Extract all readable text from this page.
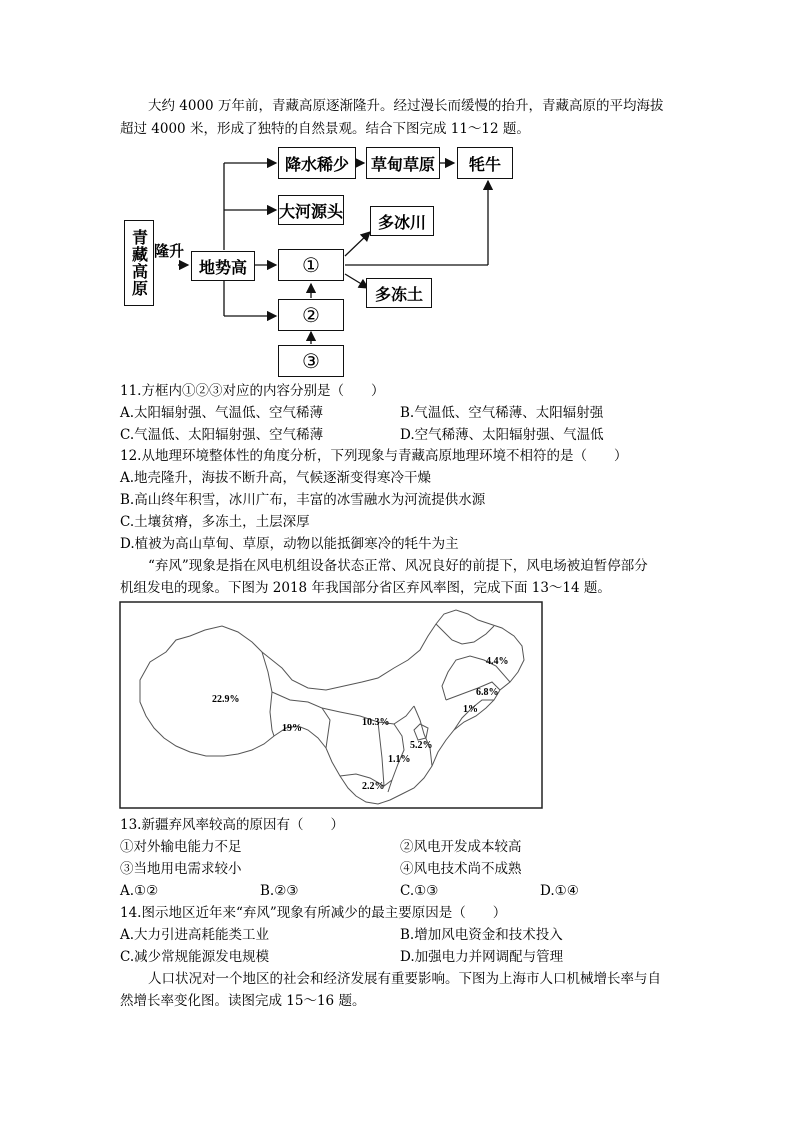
大约 4000 万年前，青藏高原逐渐隆升。经过漫长而缓慢的抬升，青藏高原的平均海拔
超过 4000 米，形成了独特的自然景观。结合下图完成 11～12 题。
隆升
青藏高原	地势高
降水稀少	草甸草原	牦牛
大河源头
多冰川
①
②
③
多冻土
11.方框内①②③对应的内容分别是（　　）
A.太阳辐射强、气温低、空气稀薄	B.气温低、空气稀薄、太阳辐射强
C.气温低、太阳辐射强、空气稀薄	D.空气稀薄、太阳辐射强、气温低
12.从地理环境整体性的角度分析，下列现象与青藏高原地理环境不相符的是（　　）
A.地壳隆升，海拔不断升高，气候逐渐变得寒冷干燥
B.高山终年积雪，冰川广布，丰富的冰雪融水为河流提供水源
C.土壤贫瘠，多冻土，土层深厚
D.植被为高山草甸、草原，动物以能抵御寒冷的牦牛为主
“弃风”现象是指在风电机组设备状态正常、风况良好的前提下，风电场被迫暂停部分
机组发电的现象。下图为 2018 年我国部分省区弃风率图，完成下面 13～14 题。
22.9%
19%
10.3%
4.4%
6.8%
1%
5.2%
1.1%
2.2%
13.新疆弃风率较高的原因有（　　）
①对外输电能力不足	②风电开发成本较高
③当地用电需求较小	④风电技术尚不成熟
A.①②	B.②③	C.①③	D.①④
14.图示地区近年来“弃风”现象有所减少的最主要原因是（　　）
A.大力引进高耗能类工业	B.增加风电资金和技术投入
C.减少常规能源发电规模	D.加强电力并网调配与管理
人口状况对一个地区的社会和经济发展有重要影响。下图为上海市人口机械增长率与自
然增长率变化图。读图完成 15～16 题。
